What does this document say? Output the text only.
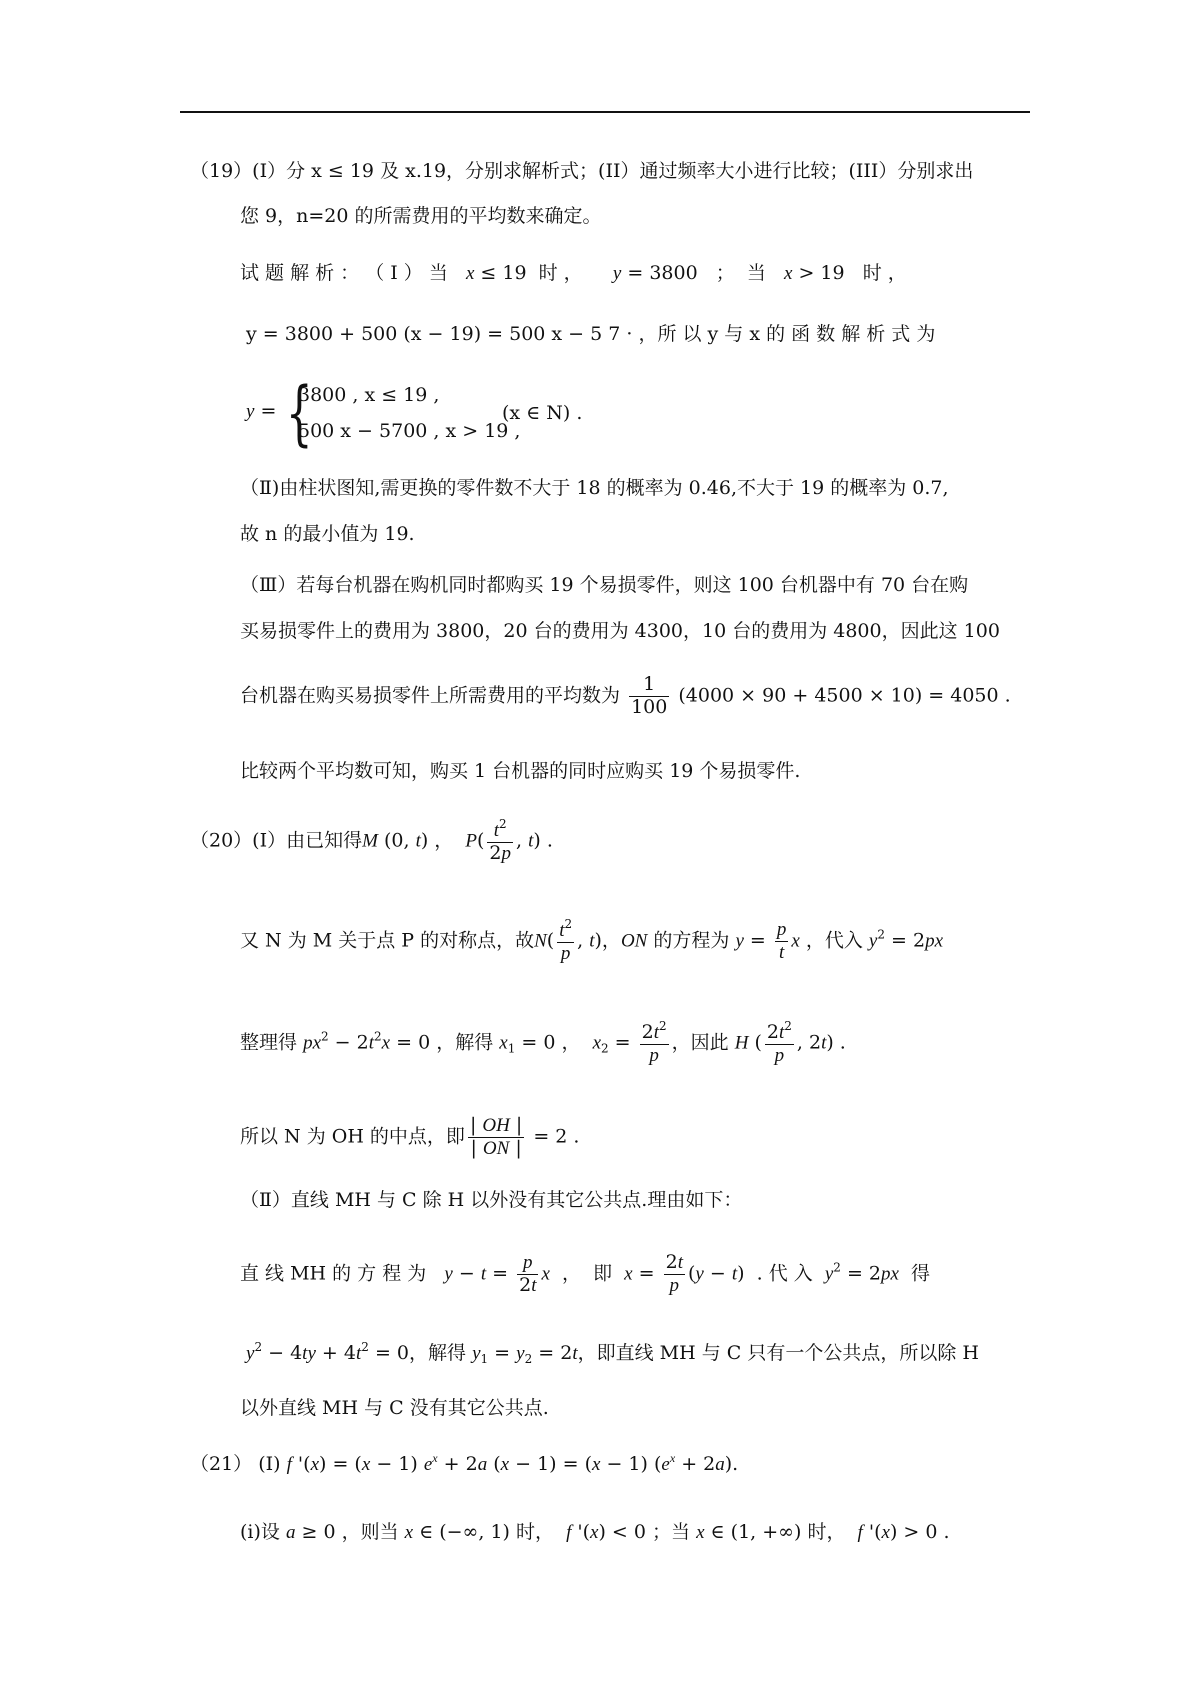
（19）(I）分 x ≤ 19 及 x.19，分别求解析式；(II）通过频率大小进行比较；(III）分别求出
您 9，n=20 的所需费用的平均数来确定。
试 题 解 析 ： （ Ⅰ ） 当 x ≤ 19  时 ，     y = 3800   ；  当   x > 19   时 ，
y = 3800 + 500 (x − 19) = 500 x − 5 7 · ，所 以 y 与 x 的 函 数 解 析 式 为
y = {
3800 , x ≤ 19 ,
500 x − 5700 , x > 19 ,
(x ∈ N) .
（Ⅱ)由柱状图知,需更换的零件数不大于 18 的概率为 0.46,不大于 19 的概率为 0.7,
故 n 的最小值为 19.
（Ⅲ）若每台机器在购机同时都购买 19 个易损零件，则这 100 台机器中有 70 台在购
买易损零件上的费用为 3800，20 台的费用为 4300，10 台的费用为 4800，因此这 100
台机器在购买易损零件上所需费用的平均数为 $\frac{1}{100} (4000 \times 90 + 4500 \times 10) = 4050$ .
比较两个平均数可知，购买 1 台机器的同时应购买 19 个易损零件.
（20）(Ⅰ）由已知得M (0, t) ，  $P( \frac{t^2}{2p}$ , t) .
又 N 为 M 关于点 P 的对称点，故$N( \frac{t^2}{p}$ , t)，ON 的方程为 $y = \frac{p}{t}$ x ，代入 $y^2 = 2px$
整理得 $px^2 - 2t^2x = 0$ ，解得 $x_1 = 0$ ，  $x_2 = \frac{2t^2}{p}$ ，因此 H ( $\frac{2t^2}{p}$ , 2t) .
所以 N 为 OH 的中点，即 $\frac{| OH |}{| ON |} = 2$ .
（Ⅱ）直线 MH 与 C 除 H 以外没有其它公共点.理由如下：
直 线 MH 的 方 程 为 $y - t = \frac{p}{2t}$ x  ，  即  $x = \frac{2t}{p} (y - t)$  . 代 入  $y^2 = 2px$  得
$y^2 - 4ty + 4t^2 = 0$，解得 $y_1 = y_2 = 2t$，即直线 MH 与 C 只有一个公共点，所以除 H
以外直线 MH 与 C 没有其它公共点.
（21） (I) f '(x) = (x − 1) $e^x + 2a$ (x − 1) = (x − 1) $(e^x + 2a)$.
(i)设 a ≥ 0 ，则当 x ∈ (−∞, 1) 时，  f '(x) < 0 ；当 x ∈ (1, +∞) 时，  f '(x) > 0 .
